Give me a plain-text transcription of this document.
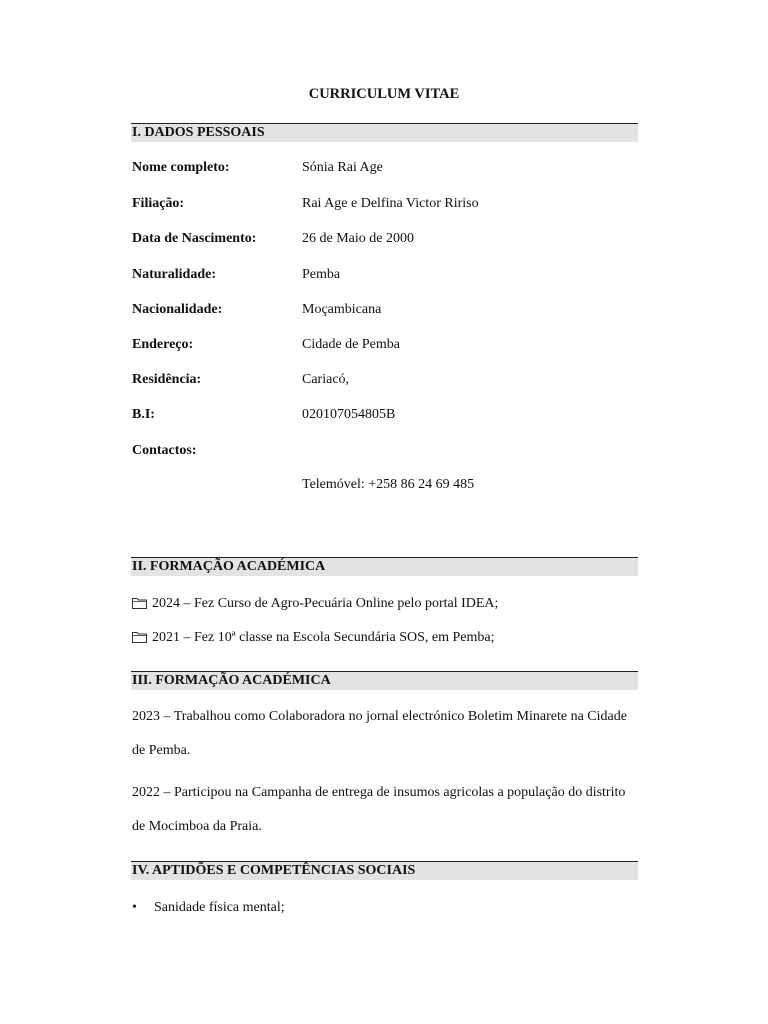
CURRICULUM VITAE
I. DADOS PESSOAIS
Nome completo:	Sónia Rai Age
Filiação:	Rai Age e Delfina Victor Ririso
Data de Nascimento:	26 de Maio de 2000
Naturalidade:	Pemba
Nacionalidade:	Moçambicana
Endereço:	Cidade de Pemba
Residência:	Cariacó,
B.I:	020107054805B
Contactos:
Telemóvel: +258 86 24 69 485
II. FORMAÇÃO ACADÉMICA
2024 – Fez Curso de Agro-Pecuária Online pelo portal IDEA;
2021 – Fez 10ª classe na Escola Secundária SOS, em Pemba;
III. FORMAÇÃO ACADÉMICA
2023 – Trabalhou como Colaboradora no jornal electrónico Boletim Minarete na Cidade
de Pemba.
2022 – Participou na Campanha de entrega de insumos agricolas a população do distrito
de Mocimboa da Praia.
IV. APTIDÕES E COMPETÊNCIAS SOCIAIS
• Sanidade física mental;
